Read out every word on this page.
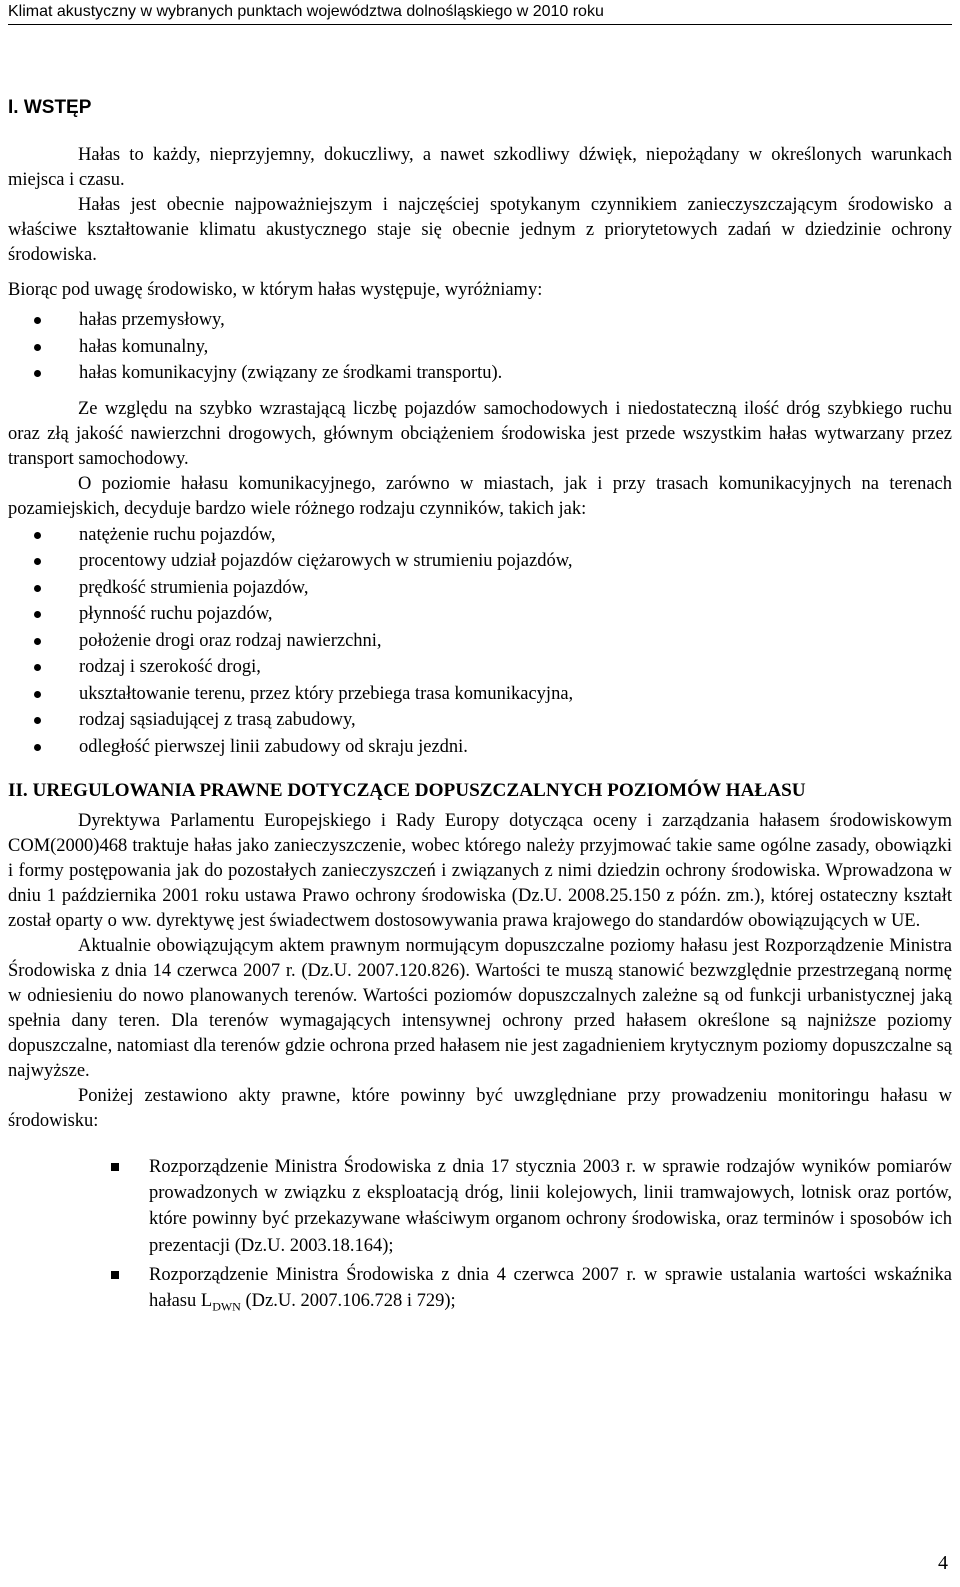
Klimat akustyczny w wybranych punktach województwa dolnośląskiego w 2010 roku
I. WSTĘP

Hałas to każdy, nieprzyjemny, dokuczliwy, a nawet szkodliwy dźwięk, niepożądany w określonych warunkach miejsca i czasu.

Hałas jest obecnie najpoważniejszym i najczęściej spotykanym czynnikiem zanieczyszczającym środowisko a właściwe kształtowanie klimatu akustycznego staje się obecnie jednym z priorytetowych zadań w dziedzinie ochrony środowiska.

Biorąc pod uwagę środowisko, w którym hałas występuje, wyróżniamy:

hałas przemysłowy,
hałas komunalny,
hałas komunikacyjny (związany ze środkami transportu).

Ze względu na szybko wzrastającą liczbę pojazdów samochodowych i niedostateczną ilość dróg szybkiego ruchu oraz złą jakość nawierzchni drogowych, głównym obciążeniem środowiska jest przede wszystkim hałas wytwarzany przez transport samochodowy.

O poziomie hałasu komunikacyjnego, zarówno w miastach, jak i przy trasach komunikacyjnych na terenach pozamiejskich, decyduje bardzo wiele różnego rodzaju czynników, takich jak:

natężenie ruchu pojazdów,
procentowy udział pojazdów ciężarowych w strumieniu pojazdów,
prędkość strumienia pojazdów,
płynność ruchu pojazdów,
położenie drogi oraz rodzaj nawierzchni,
rodzaj i szerokość drogi,
ukształtowanie terenu, przez który przebiega trasa komunikacyjna,
rodzaj sąsiadującej z trasą zabudowy,
odległość pierwszej linii zabudowy od skraju jezdni.
II. UREGULOWANIA PRAWNE DOTYCZĄCE DOPUSZCZALNYCH POZIOMÓW HAŁASU

Dyrektywa Parlamentu Europejskiego i Rady Europy dotycząca oceny i zarządzania hałasem środowiskowym COM(2000)468 traktuje hałas jako zanieczyszczenie, wobec którego należy przyjmować takie same ogólne zasady, obowiązki i formy postępowania jak do pozostałych zanieczyszczeń i związanych z nimi dziedzin ochrony środowiska. Wprowadzona w dniu 1 października 2001 roku ustawa Prawo ochrony środowiska (Dz.U. 2008.25.150 z późn. zm.), której ostateczny kształt został oparty o ww. dyrektywę jest świadectwem dostosowywania prawa krajowego do standardów obowiązujących w UE.

Aktualnie obowiązującym aktem prawnym normującym dopuszczalne poziomy hałasu jest Rozporządzenie Ministra Środowiska z dnia 14 czerwca 2007 r. (Dz.U. 2007.120.826). Wartości te muszą stanowić bezwzględnie przestrzeganą normę w odniesieniu do nowo planowanych terenów. Wartości poziomów dopuszczalnych zależne są od funkcji urbanistycznej jaką spełnia dany teren. Dla terenów wymagających intensywnej ochrony przed hałasem określone są najniższe poziomy dopuszczalne, natomiast dla terenów gdzie ochrona przed hałasem nie jest zagadnieniem krytycznym poziomy dopuszczalne są najwyższe.

Poniżej zestawiono akty prawne, które powinny być uwzględniane przy prowadzeniu monitoringu hałasu w środowisku:

Rozporządzenie Ministra Środowiska z dnia 17 stycznia 2003 r. w sprawie rodzajów wyników pomiarów prowadzonych w związku z eksploatacją dróg, linii kolejowych, linii tramwajowych, lotnisk oraz portów, które powinny być przekazywane właściwym organom ochrony środowiska, oraz terminów i sposobów ich prezentacji (Dz.U. 2003.18.164);
Rozporządzenie Ministra Środowiska z dnia 4 czerwca 2007 r. w sprawie ustalania wartości wskaźnika hałasu $L_{DWN}$ (Dz.U. 2007.106.728 i 729);
4
